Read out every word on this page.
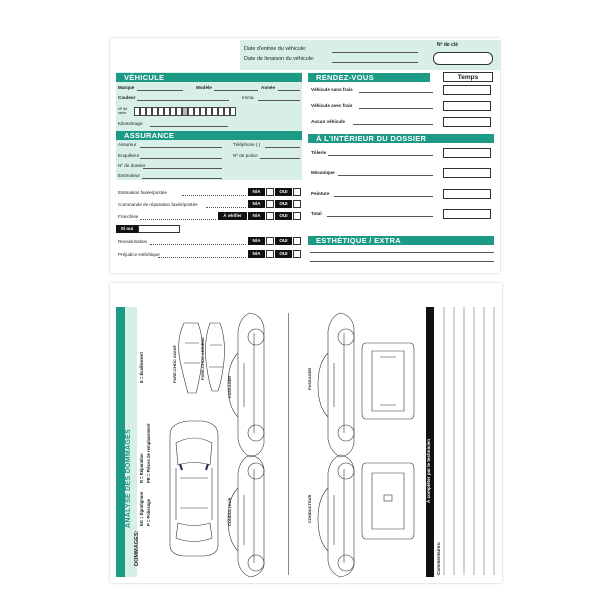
Date d'entrée du véhicule:
Date de livraison du véhicule:
Nº de clé
VÉHICULE
Marque	Modèle	Année
Couleur	Imma.
Nº de
série
Kilométrage
ASSURANCE
Assureur	Téléphone ( )
Enquêteur	Nº de police
Nº de dossier
Estimateur
Estimation faxée/postée	N/A	OUI
Commande de réparation faxée/postée	N/A	OUI
Franchise	À vérifier	N/A	OUI
Si oui
Revalorisation	N/A	OUI
Préjudice esthétique	N/A	OUI
RENDEZ-VOUS	Temps
Véhicule sans frais
Véhicule avec frais
Aucun véhicule
À L'INTÉRIEUR DU DOSSIER
Tôlerie
Mécanique
Peinture
Total
ESTHÉTIQUE / EXTRA
ANALYSE DES DOMMAGES
DOMMAGES:
EG = Égratignure P = Polissage
R = Réparation PR = Pièces de remplacement
E = Écaillement	PARE-CHOC AVANT	PARE-CHOC ARRIÈRE
PASSAGER
CONDUCTEUR
PASSAGER
CONDUCTEUR
À compléter par le technicien
Commentaires:
